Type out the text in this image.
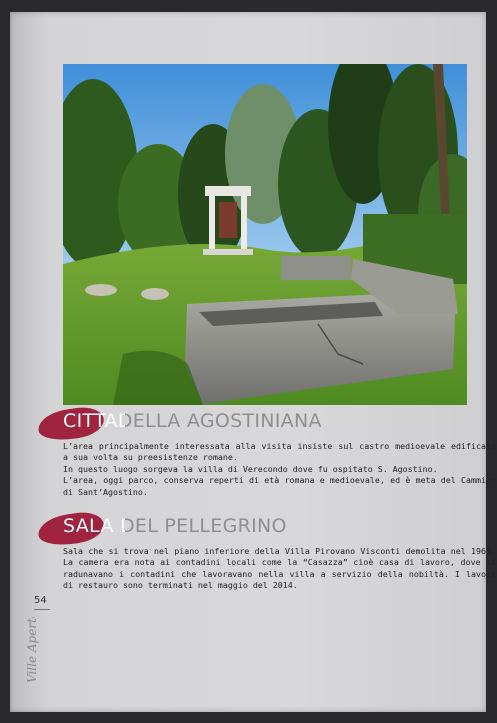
CITTADELLA AGOSTINIANA

L’area principalmente interessata alla visita insiste sul castro medioevale edificato a sua volta su preesistenze romane.

In questo luogo sorgeva la villa di Verecondo dove fu ospitato S. Agostino.

L’area, oggi parco, conserva reperti di età romana e medioevale, ed è meta del Cammino di Sant’Agostino.

SALA DEL PELLEGRINO

Sala che si trova nel piano inferiore della Villa Pirovano Visconti demolita nel 1963. La camera era nota ai contadini locali come la “Casazza” cioè casa di lavoro, dove si radunavano i contadini che lavoravano nella villa a servizio della nobiltà. I lavori di restauro sono terminati nel maggio del 2014.

54
Ville Aperte
